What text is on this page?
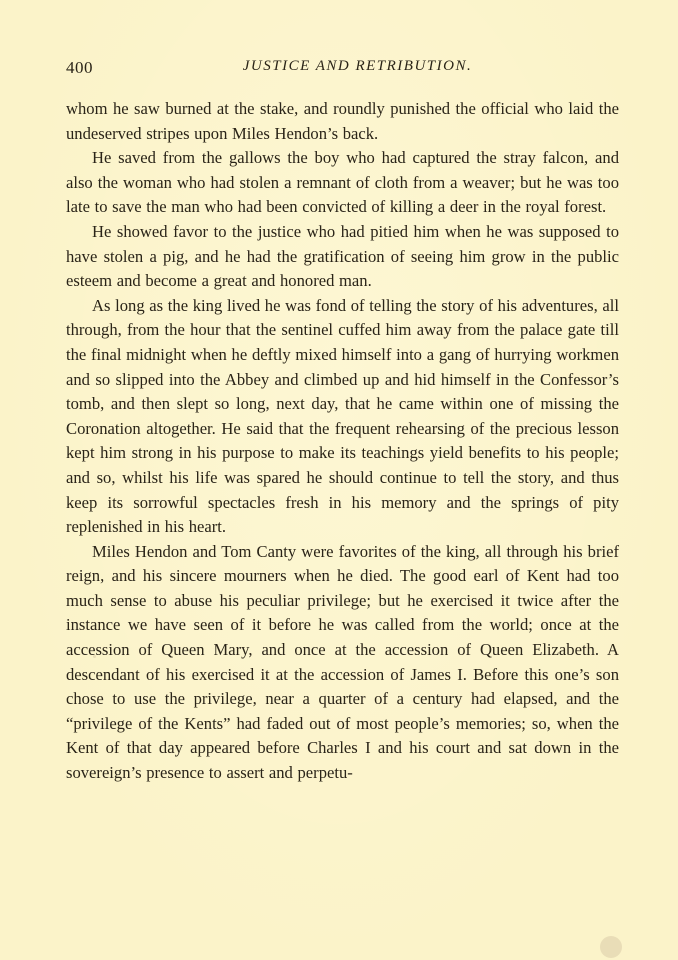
400	JUSTICE AND RETRIBUTION.

whom he saw burned at the stake, and roundly punished the official who laid the undeserved stripes upon Miles Hendon’s back.

He saved from the gallows the boy who had captured the stray falcon, and also the woman who had stolen a remnant of cloth from a weaver; but he was too late to save the man who had been convicted of killing a deer in the royal forest.

He showed favor to the justice who had pitied him when he was supposed to have stolen a pig, and he had the gratification of seeing him grow in the public esteem and become a great and honored man.

As long as the king lived he was fond of telling the story of his adventures, all through, from the hour that the sentinel cuffed him away from the palace gate till the final midnight when he deftly mixed himself into a gang of hurrying workmen and so slipped into the Abbey and climbed up and hid himself in the Confessor’s tomb, and then slept so long, next day, that he came within one of missing the Coronation altogether. He said that the frequent rehearsing of the precious lesson kept him strong in his purpose to make its teachings yield benefits to his people; and so, whilst his life was spared he should continue to tell the story, and thus keep its sorrowful spectacles fresh in his memory and the springs of pity replenished in his heart.

Miles Hendon and Tom Canty were favorites of the king, all through his brief reign, and his sincere mourners when he died. The good earl of Kent had too much sense to abuse his peculiar privilege; but he exercised it twice after the instance we have seen of it before he was called from the world; once at the accession of Queen Mary, and once at the accession of Queen Elizabeth. A descendant of his exercised it at the accession of James I. Before this one’s son chose to use the privilege, near a quarter of a century had elapsed, and the “privilege of the Kents” had faded out of most people’s memories; so, when the Kent of that day appeared before Charles I and his court and sat down in the sovereign’s presence to assert and perpetu-
